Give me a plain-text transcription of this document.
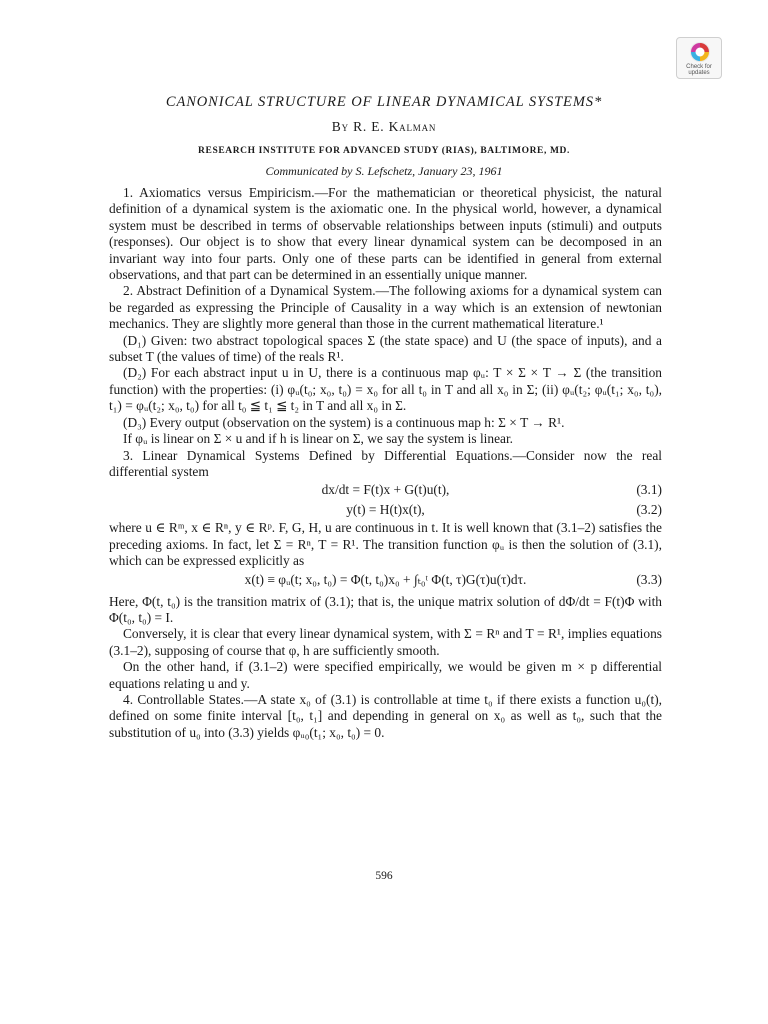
Check for updates
CANONICAL STRUCTURE OF LINEAR DYNAMICAL SYSTEMS*
By R. E. Kalman
RESEARCH INSTITUTE FOR ADVANCED STUDY (RIAS), BALTIMORE, MD.
Communicated by S. Lefschetz, January 23, 1961

1. Axiomatics versus Empiricism.—For the mathematician or theoretical physicist, the natural definition of a dynamical system is the axiomatic one. In the physical world, however, a dynamical system must be described in terms of observable relationships between inputs (stimuli) and outputs (responses). Our object is to show that every linear dynamical system can be decomposed in an invariant way into four parts. Only one of these parts can be identified in general from external observations, and that part can be determined in an essentially unique manner.

2. Abstract Definition of a Dynamical System.—The following axioms for a dynamical system can be regarded as expressing the Principle of Causality in a way which is an extension of newtonian mechanics. They are slightly more general than those in the current mathematical literature.¹

(D₁) Given: two abstract topological spaces Σ (the state space) and U (the space of inputs), and a subset T (the values of time) of the reals R¹.

(D₂) For each abstract input u in U, there is a continuous map φᵤ: T × Σ × T → Σ (the transition function) with the properties: (i) φᵤ(t₀; x₀, t₀) = x₀ for all t₀ in T and all x₀ in Σ; (ii) φᵤ(t₂; φᵤ(t₁; x₀, t₀), t₁) = φᵤ(t₂; x₀, t₀) for all t₀ ≦ t₁ ≦ t₂ in T and all x₀ in Σ.

(D₃) Every output (observation on the system) is a continuous map h: Σ × T → R¹.

If φᵤ is linear on Σ × u and if h is linear on Σ, we say the system is linear.

3. Linear Dynamical Systems Defined by Differential Equations.—Consider now the real differential system

dx/dt = F(t)x + G(t)u(t),	(3.1)
y(t) = H(t)x(t),	(3.2)

where u ∈ Rᵐ, x ∈ Rⁿ, y ∈ Rᵖ. F, G, H, u are continuous in t. It is well known that (3.1–2) satisfies the preceding axioms. In fact, let Σ = Rⁿ, T = R¹. The transition function φᵤ is then the solution of (3.1), which can be expressed explicitly as

x(t) ≡ φᵤ(t; x₀, t₀) = Φ(t, t₀)x₀ + ∫ₜ₀ᵗ Φ(t, τ)G(τ)u(τ)dτ.	(3.3)

Here, Φ(t, t₀) is the transition matrix of (3.1); that is, the unique matrix solution of dΦ/dt = F(t)Φ with Φ(t₀, t₀) = I.

Conversely, it is clear that every linear dynamical system, with Σ = Rⁿ and T = R¹, implies equations (3.1–2), supposing of course that φ, h are sufficiently smooth.

On the other hand, if (3.1–2) were specified empirically, we would be given m × p differential equations relating u and y.

4. Controllable States.—A state x₀ of (3.1) is controllable at time t₀ if there exists a function u₀(t), defined on some finite interval [t₀, t₁] and depending in general on x₀ as well as t₀, such that the substitution of u₀ into (3.3) yields φᵤ₀(t₁; x₀, t₀) = 0.

596
